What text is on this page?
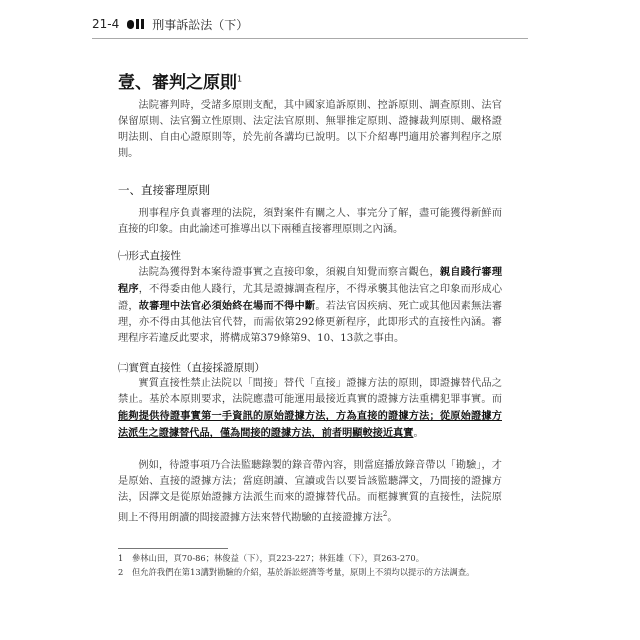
21-4	刑事訴訟法（下）
壹、審判之原則$^1$

法院審判時，受諸多原則支配，其中國家追訴原則、控訴原則、調查原則、法官保留原則、法官獨立性原則、法定法官原則、無罪推定原則、證據裁判原則、嚴格證明法則、自由心證原則等，於先前各講均已說明。以下介紹專門適用於審判程序之原則。

一、直接審理原則

刑事程序負責審理的法院，須對案件有關之人、事完分了解，盡可能獲得新鮮而直接的印象。由此論述可推導出以下兩種直接審理原則之內涵。

㈠形式直接性

法院為獲得對本案待證事實之直接印象，須親自知覺而察言觀色，親自踐行審理程序，不得委由他人踐行，尤其是證據調查程序，不得承襲其他法官之印象而形成心證，故審理中法官必須始終在場而不得中斷。若法官因疾病、死亡或其他因素無法審理，亦不得由其他法官代替，而需依第292條更新程序，此即形式的直接性內涵。審理程序若違反此要求，將構成第379條第9、10、13款之事由。

㈡實質直接性（直接採證原則）

實質直接性禁止法院以「間接」替代「直接」證據方法的原則，即證據替代品之禁止。基於本原則要求，法院應盡可能運用最接近真實的證據方法重構犯罪事實。而能夠提供待證事實第一手資訊的原始證據方法，方為直接的證據方法；從原始證據方法派生之證據替代品，僅為間接的證據方法，前者明顯較接近真實。

例如，待證事項乃合法監聽錄製的錄音帶內容，則當庭播放錄音帶以「勘驗」，才是原始、直接的證據方法；當庭朗讀、宣讀或告以要旨該監聽譯文，乃間接的證據方法，因譯文是從原始證據方法派生而來的證據替代品。而框據實質的直接性，法院原則上不得用朗讀的間接證據方法來替代勘驗的直接證據方法$^2$。

1 參林山田，頁70-86；林俊益（下），頁223-227；林鈺雄（下），頁263-270。
2 但允許我們在第13講對勘驗的介紹，基於訴訟經濟等考量，原則上不須均以提示的方法調查。
